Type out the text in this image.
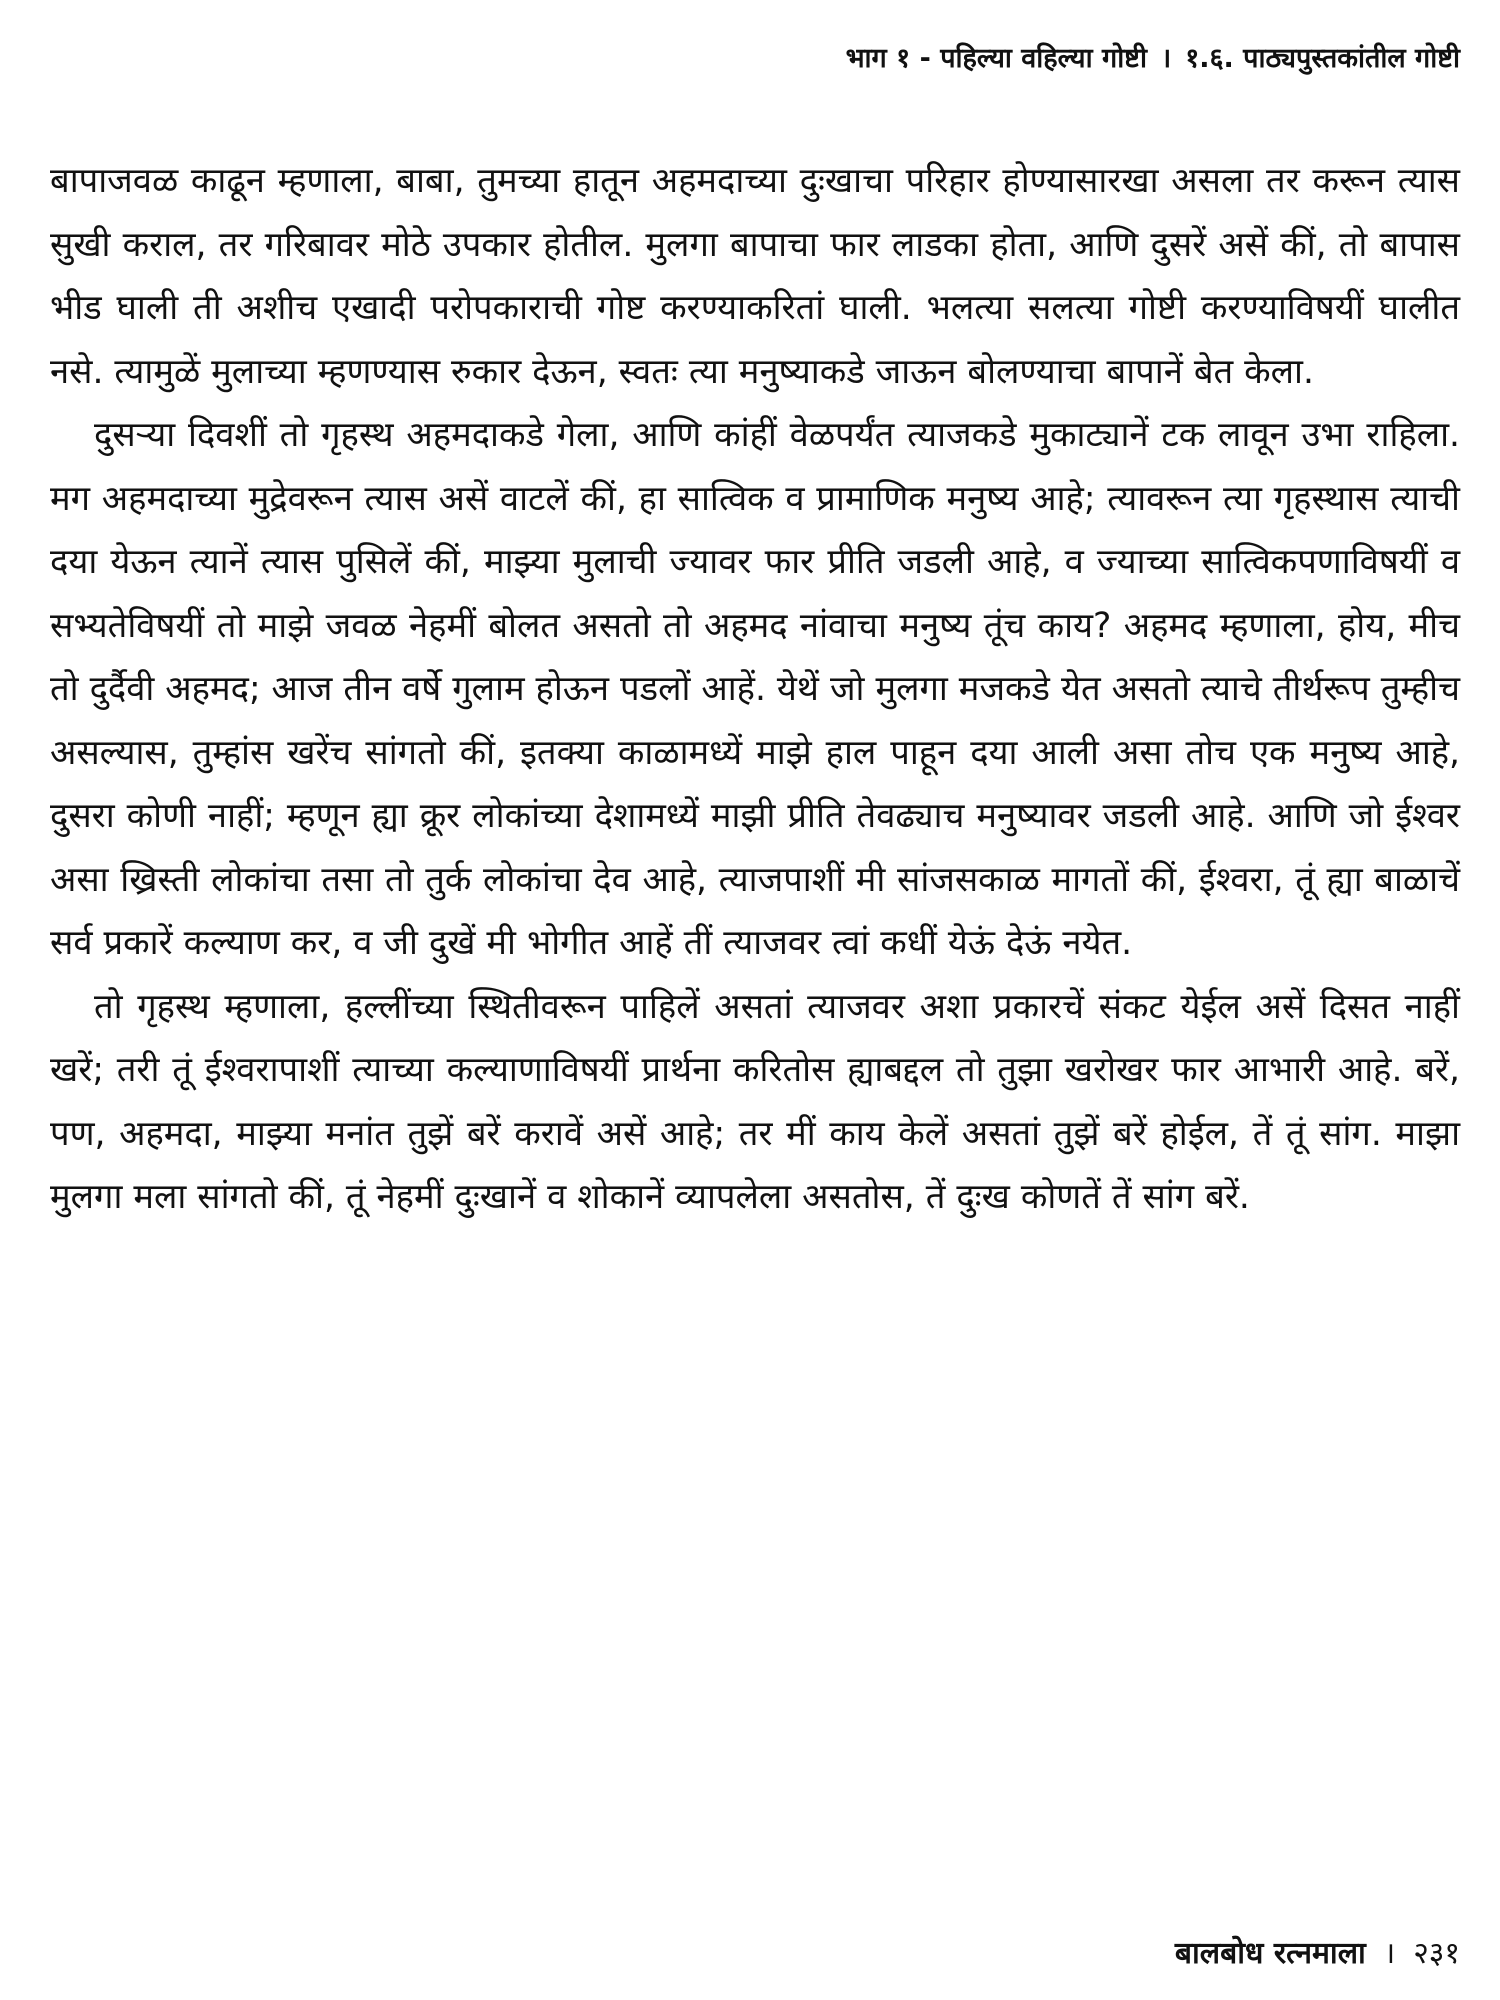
भाग १ - पहिल्या वहिल्या गोष्टी । १.६. पाठ्यपुस्तकांतील गोष्टी

बापाजवळ काढून म्हणाला, बाबा, तुमच्या हातून अहमदाच्या दुःखाचा परिहार होण्यासारखा असला तर करून त्यास सुखी कराल, तर गरिबावर मोठे उपकार होतील. मुलगा बापाचा फार लाडका होता, आणि दुसरें असें कीं, तो बापास भीड घाली ती अशीच एखादी परोपकाराची गोष्ट करण्याकरितां घाली. भलत्या सलत्या गोष्टी करण्याविषयीं घालीत नसे. त्यामुळें मुलाच्या म्हणण्यास रुकार देऊन, स्वतः त्या मनुष्याकडे जाऊन बोलण्याचा बापानें बेत केला.

दुसऱ्या दिवशीं तो गृहस्थ अहमदाकडे गेला, आणि कांहीं वेळपर्यंत त्याजकडे मुकाट्यानें टक लावून उभा राहिला. मग अहमदाच्या मुद्रेवरून त्यास असें वाटलें कीं, हा सात्विक व प्रामाणिक मनुष्य आहे; त्यावरून त्या गृहस्थास त्याची दया येऊन त्यानें त्यास पुसिलें कीं, माझ्या मुलाची ज्यावर फार प्रीति जडली आहे, व ज्याच्या सात्विकपणाविषयीं व सभ्यतेविषयीं तो माझे जवळ नेहमीं बोलत असतो तो अहमद नांवाचा मनुष्य तूंच काय? अहमद म्हणाला, होय, मीच तो दुर्दैवी अहमद; आज तीन वर्षे गुलाम होऊन पडलों आहें. येथें जो मुलगा मजकडे येत असतो त्याचे तीर्थरूप तुम्हीच असल्यास, तुम्हांस खरेंच सांगतो कीं, इतक्या काळामध्यें माझे हाल पाहून दया आली असा तोच एक मनुष्य आहे, दुसरा कोणी नाहीं; म्हणून ह्या क्रूर लोकांच्या देशामध्यें माझी प्रीति तेवढ्याच मनुष्यावर जडली आहे. आणि जो ईश्वर असा ख्रिस्ती लोकांचा तसा तो तुर्क लोकांचा देव आहे, त्याजपाशीं मी सांजसकाळ मागतों कीं, ईश्वरा, तूं ह्या बाळाचें सर्व प्रकारें कल्याण कर, व जी दुखें मी भोगीत आहें तीं त्याजवर त्वां कधीं येऊं देऊं नयेत.

तो गृहस्थ म्हणाला, हल्लींच्या स्थितीवरून पाहिलें असतां त्याजवर अशा प्रकारचें संकट येईल असें दिसत नाहीं खरें; तरी तूं ईश्वरापाशीं त्याच्या कल्याणाविषयीं प्रार्थना करितोस ह्याबद्दल तो तुझा खरोखर फार आभारी आहे. बरें, पण, अहमदा, माझ्या मनांत तुझें बरें करावें असें आहे; तर मीं काय केलें असतां तुझें बरें होईल, तें तूं सांग. माझा मुलगा मला सांगतो कीं, तूं नेहमीं दुःखानें व शोकानें व्यापलेला असतोस, तें दुःख कोणतें तें सांग बरें.

बालबोध रत्नमाला । २३१
